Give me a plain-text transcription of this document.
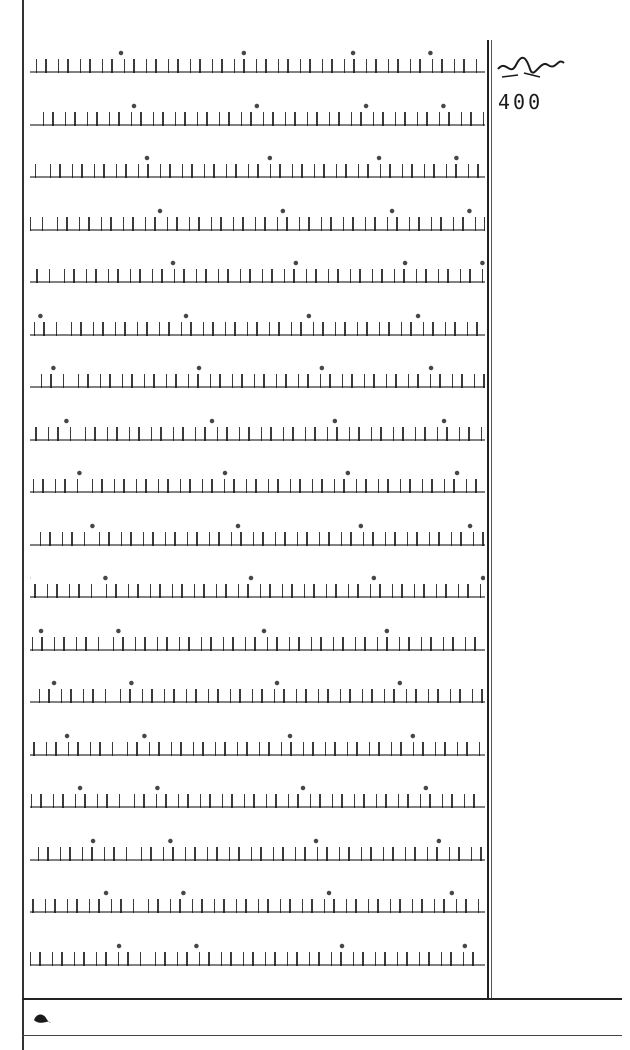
400
